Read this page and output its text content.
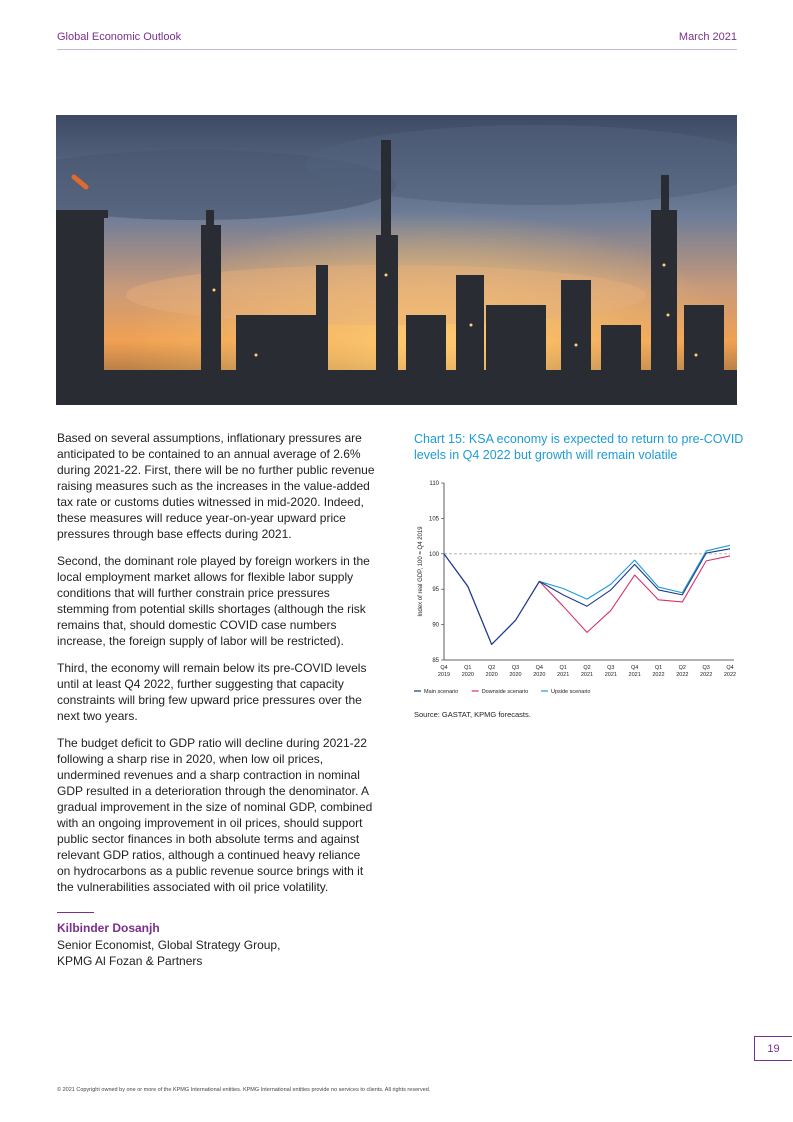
Global Economic Outlook	March 2021

Based on several assumptions, inflationary pressures are anticipated to be contained to an annual average of 2.6% during 2021-22. First, there will be no further public revenue raising measures such as the increases in the value-added tax rate or customs duties witnessed in mid-2020. Indeed, these measures will reduce year-on-year upward price pressures through base effects during 2021.

Second, the dominant role played by foreign workers in the local employment market allows for flexible labor supply conditions that will further constrain price pressures stemming from potential skills shortages (although the risk remains that, should domestic COVID case numbers increase, the foreign supply of labor will be restricted).

Third, the economy will remain below its pre-COVID levels until at least Q4 2022, further suggesting that capacity constraints will bring few upward price pressures over the next two years.

The budget deficit to GDP ratio will decline during 2021-22 following a sharp rise in 2020, when low oil prices, undermined revenues and a sharp contraction in nominal GDP resulted in a deterioration through the denominator. A gradual improvement in the size of nominal GDP, combined with an ongoing improvement in oil prices, should support public sector finances in both absolute terms and against relevant GDP ratios, although a continued heavy reliance on hydrocarbons as a public revenue source brings with it the vulnerabilities associated with oil price volatility.

Chart 15: KSA economy is expected to return to pre-COVID levels in Q4 2022 but growth will remain volatile
85
90
95
100
105
110
Index of real GDP, 100 = Q4 2019
Q4
2019
Q1
2020
Q2
2020
Q3
2020
Q4
2020
Q1
2021
Q2
2021
Q3
2021
Q4
2021
Q1
2022
Q2
2022
Q3
2022
Q4
2022
Main scenario	Downside scenario	Upside scenario
Source: GASTAT, KPMG forecasts.
Kilbinder Dosanjh
Senior Economist, Global Strategy Group,
KPMG Al Fozan & Partners
19
© 2021 Copyright owned by one or more of the KPMG International entities. KPMG International entities provide no services to clients. All rights reserved.
